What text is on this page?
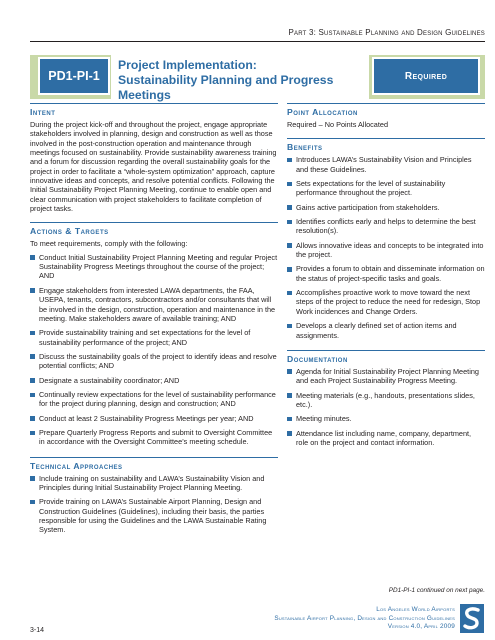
Part 3: Sustainable Planning and Design Guidelines
PD1-PI-1
Project Implementation:
Sustainability Planning and Progress Meetings
Required
Intent

During the project kick-off and throughout the project, engage appropriate stakeholders involved in planning, design and construction as well as those involved in the post-construction operation and maintenance through meetings focused on sustainability. Provide sustainability awareness training and a forum for discussion regarding the overall sustainability goals for the project in order to facilitate a “whole-system optimization” approach, capture innovative ideas and concepts, and resolve potential conflicts. Following the Initial Sustainability Project Planning Meeting, continue to enable open and clear communication with project stakeholders to facilitate completion of project tasks.

Actions & Targets

To meet requirements, comply with the following:

Conduct Initial Sustainability Project Planning Meeting and regular Project Sustainability Progress Meetings throughout the course of the project; AND
Engage stakeholders from interested LAWA departments, the FAA, USEPA, tenants, contractors, subcontractors and/or consultants that will be involved in the design, construction, operation and maintenance in the meeting. Make stakeholders aware of available training; AND
Provide sustainability training and set expectations for the level of sustainability performance of the project; AND
Discuss the sustainability goals of the project to identify ideas and resolve potential conflicts; AND
Designate a sustainability coordinator; AND
Continually review expectations for the level of sustainability performance for the project during planning, design and construction; AND
Conduct at least 2 Sustainability Progress Meetings per year; AND
Prepare Quarterly Progress Reports and submit to Oversight Committee in accordance with the Oversight Committee’s meeting schedule.
Technical Approaches
Include training on sustainability and LAWA’s Sustainability Vision and Principles during Initial Sustainability Project Planning Meeting.
Provide training on LAWA’s Sustainable Airport Planning, Design and Construction Guidelines (Guidelines), including their basis, the parties responsible for using the Guidelines and the LAWA Sustainable Rating System.
Point Allocation

Required – No Points Allocated

Benefits
Introduces LAWA’s Sustainability Vision and Principles and these Guidelines.
Sets expectations for the level of sustainability performance throughout the project.
Gains active participation from stakeholders.
Identifies conflicts early and helps to determine the best resolution(s).
Allows innovative ideas and concepts to be integrated into the project.
Provides a forum to obtain and disseminate information on the status of project-specific tasks and goals.
Accomplishes proactive work to move toward the next steps of the project to reduce the need for redesign, Stop Work incidences and Change Orders.
Develops a clearly defined set of action items and assignments.
Documentation
Agenda for Initial Sustainability Project Planning Meeting and each Project Sustainability Progress Meeting.
Meeting materials (e.g., handouts, presentations slides, etc.).
Meeting minutes.
Attendance list including name, company, department, role on the project and contact information.
PD1-PI-1 continued on next page.
3-14
Los Angeles World Airports
Sustainable Airport Planning, Design and Construction Guidelines
Version 4.0, April 2009
